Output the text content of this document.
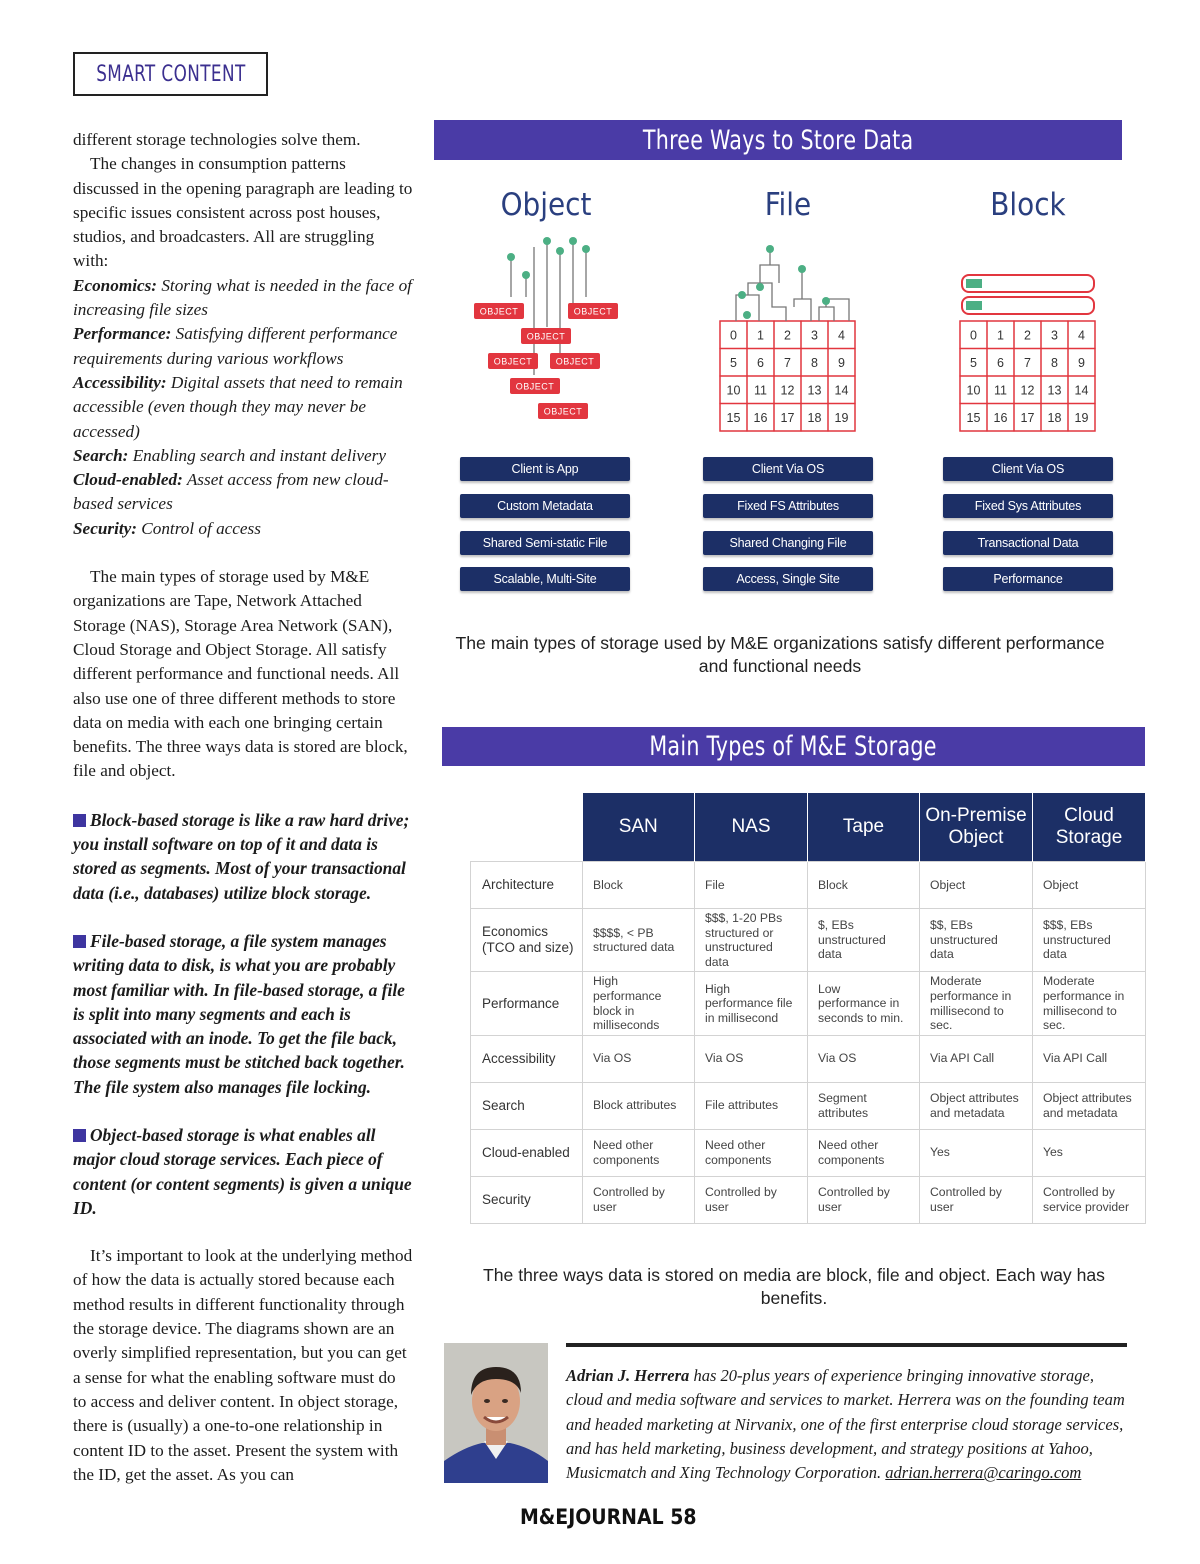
SMART CONTENT

different storage technologies solve them.

The changes in consumption patterns discussed in the opening paragraph are leading to specific issues consistent across post houses, studios, and broadcasters. All are struggling with:

Economics: Storing what is needed in the face of increasing file sizes

Performance: Satisfying different performance requirements during various workflows

Accessibility: Digital assets that need to remain accessible (even though they may never be accessed)

Search: Enabling search and instant delivery

Cloud-enabled: Asset access from new cloud-based services

Security: Control of access

The main types of storage used by M&E organizations are Tape, Network Attached Storage (NAS), Storage Area Network (SAN), Cloud Storage and Object Storage. All satisfy different performance and functional needs. All also use one of three different methods to store data on media with each one bringing certain benefits. The three ways data is stored are block, file and object.

Block-based storage is like a raw hard drive; you install software on top of it and data is stored as segments. Most of your transactional data (i.e., databases) utilize block storage.

File-based storage, a file system manages writing data to disk, is what you are probably most familiar with. In file-based storage, a file is split into many segments and each is associated with an inode. To get the file back, those segments must be stitched back together. The file system also manages file locking.

Object-based storage is what enables all major cloud storage services. Each piece of content (or content segments) is given a unique ID.

It’s important to look at the underlying method of how the data is actually stored because each method results in different functionality through the storage device. The diagrams shown are an overly simplified representation, but you can get a sense for what the enabling software must do to access and deliver content. In object storage, there is (usually) a one-to-one relationship in content ID to the asset. Present the system with the ID, get the asset. As you can

Three Ways to Store Data
Object	File	Block
OBJECT	OBJECT
OBJECT
OBJECT	OBJECT
OBJECT
OBJECT
0 1 2 3 4
5 6 7 8 9
10 11 12 13 14
15 16 17 18 19
0 1 2 3 4
5 6 7 8 9
10 11 12 13 14
15 16 17 18 19
Client is App
Custom Metadata
Shared Semi-static File
Scalable, Multi-Site
Client Via OS
Fixed FS Attributes
Shared Changing File
Access, Single Site
Client Via OS
Fixed Sys Attributes
Transactional Data
Performance
The main types of storage used by M&E organizations satisfy different performance and functional needs
Main Types of M&E Storage
	SAN	NAS	Tape	On-Premise Object	Cloud Storage
Architecture	Block	File	Block	Object	Object
Economics (TCO and size)	$$$$, < PB structured data	$$$, 1-20 PBs structured or unstructured data	$, EBs unstructured data	$$, EBs unstructured data	$$$, EBs unstructured data
Performance	High performance block in milliseconds	High performance file in millisecond	Low performance in seconds to min.	Moderate performance in millisecond to sec.	Moderate performance in millisecond to sec.
Accessibility	Via OS	Via OS	Via OS	Via API Call	Via API Call
Search	Block attributes	File attributes	Segment attributes	Object attributes and metadata	Object attributes and metadata
Cloud-enabled	Need other components	Need other components	Need other components	Yes	Yes
Security	Controlled by user	Controlled by user	Controlled by user	Controlled by user	Controlled by service provider
The three ways data is stored on media are block, file and object. Each way has benefits.
Adrian J. Herrera has 20-plus years of experience bringing innovative storage, cloud and media software and services to market. Herrera was on the founding team and headed marketing at Nirvanix, one of the first enterprise cloud storage services, and has held marketing, business development, and strategy positions at Yahoo, Musicmatch and Xing Technology Corporation. adrian.herrera@caringo.com
M&EJOURNAL 58
